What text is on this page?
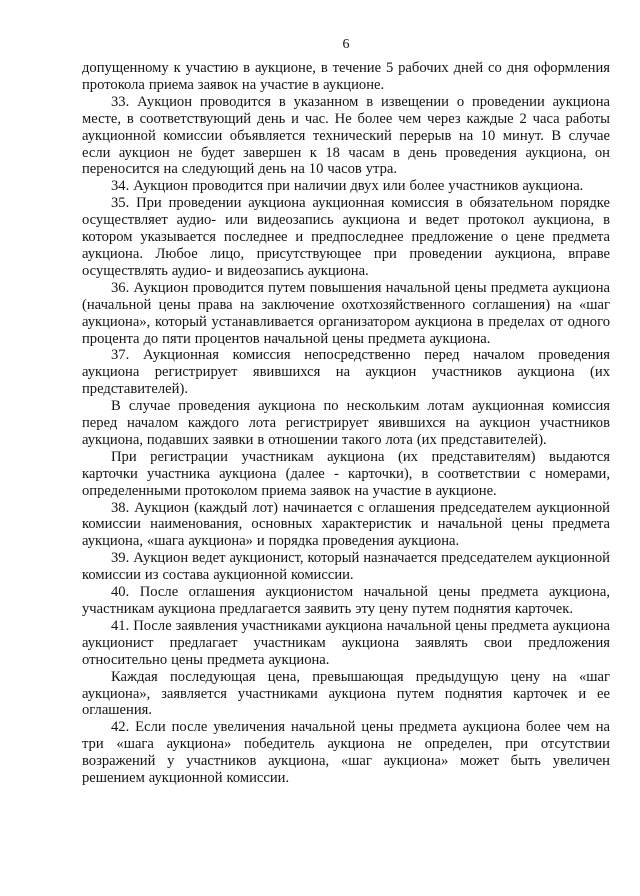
6

допущенному к участию в аукционе, в течение 5 рабочих дней со дня оформления протокола приема заявок на участие в аукционе.

33. Аукцион проводится в указанном в извещении о проведении аукциона месте, в соответствующий день и час. Не более чем через каждые 2 часа работы аукционной комиссии объявляется технический перерыв на 10 минут. В случае если аукцион не будет завершен к 18 часам в день проведения аукциона, он переносится на следующий день на 10 часов утра.

34. Аукцион проводится при наличии двух или более участников аукциона.

35. При проведении аукциона аукционная комиссия в обязательном порядке осуществляет аудио- или видеозапись аукциона и ведет протокол аукциона, в котором указывается последнее и предпоследнее предложение о цене предмета аукциона. Любое лицо, присутствующее при проведении аукциона, вправе осуществлять аудио- и видеозапись аукциона.

36. Аукцион проводится путем повышения начальной цены предмета аукциона (начальной цены права на заключение охотхозяйственного соглашения) на «шаг аукциона», который устанавливается организатором аукциона в пределах от одного процента до пяти процентов начальной цены предмета аукциона.

37. Аукционная комиссия непосредственно перед началом проведения аукциона регистрирует явившихся на аукцион участников аукциона (их представителей).

В случае проведения аукциона по нескольким лотам аукционная комиссия перед началом каждого лота регистрирует явившихся на аукцион участников аукциона, подавших заявки в отношении такого лота (их представителей).

При регистрации участникам аукциона (их представителям) выдаются карточки участника аукциона (далее - карточки), в соответствии с номерами, определенными протоколом приема заявок на участие в аукционе.

38. Аукцион (каждый лот) начинается с оглашения председателем аукционной комиссии наименования, основных характеристик и начальной цены предмета аукциона, «шага аукциона» и порядка проведения аукциона.

39. Аукцион ведет аукционист, который назначается председателем аукционной комиссии из состава аукционной комиссии.

40. После оглашения аукционистом начальной цены предмета аукциона, участникам аукциона предлагается заявить эту цену путем поднятия карточек.

41. После заявления участниками аукциона начальной цены предмета аукциона аукционист предлагает участникам аукциона заявлять свои предложения относительно цены предмета аукциона.

Каждая последующая цена, превышающая предыдущую цену на «шаг аукциона», заявляется участниками аукциона путем поднятия карточек и ее оглашения.

42. Если после увеличения начальной цены предмета аукциона более чем на три «шага аукциона» победитель аукциона не определен, при отсутствии возражений у участников аукциона, «шаг аукциона» может быть увеличен решением аукционной комиссии.
